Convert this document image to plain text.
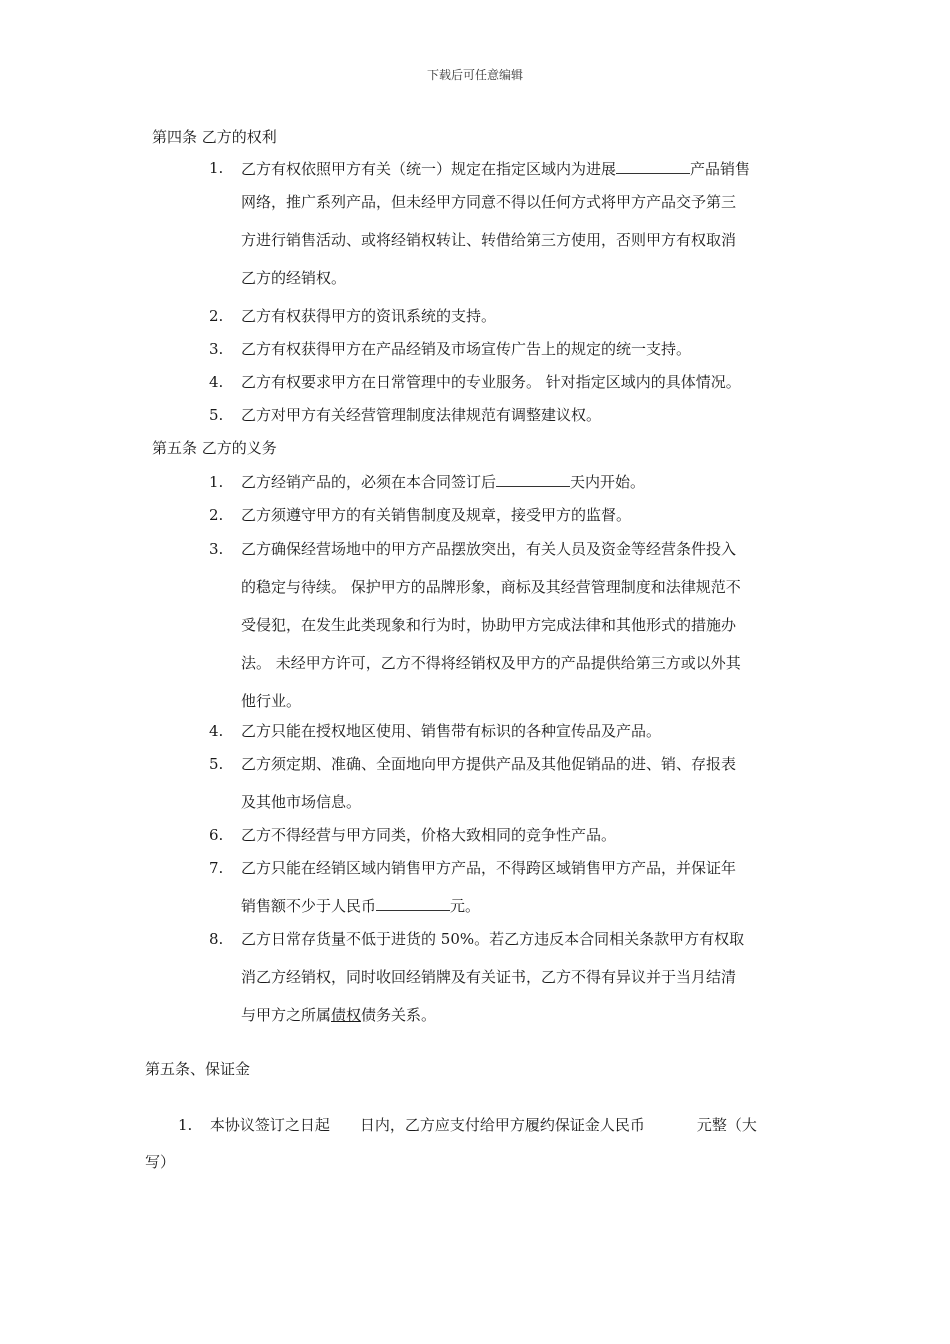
下载后可任意编辑
第四条 乙方的权利
1. 乙方有权依照甲方有关（统一）规定在指定区域内为进展	产品销售
网络，推广系列产品，但未经甲方同意不得以任何方式将甲方产品交予第三
方进行销售活动、或将经销权转让、转借给第三方使用，否则甲方有权取消
乙方的经销权。
2. 乙方有权获得甲方的资讯系统的支持。
3. 乙方有权获得甲方在产品经销及市场宣传广告上的规定的统一支持。
4. 乙方有权要求甲方在日常管理中的专业服务。 针对指定区域内的具体情况。
5. 乙方对甲方有关经营管理制度法律规范有调整建议权。
第五条 乙方的义务
1. 乙方经销产品的，必须在本合同签订后	天内开始。
2. 乙方须遵守甲方的有关销售制度及规章，接受甲方的监督。
3. 乙方确保经营场地中的甲方产品摆放突出，有关人员及资金等经营条件投入
的稳定与待续。 保护甲方的品牌形象，商标及其经营管理制度和法律规范不
受侵犯，在发生此类现象和行为时，协助甲方完成法律和其他形式的措施办
法。 未经甲方许可，乙方不得将经销权及甲方的产品提供给第三方或以外其
他行业。
4. 乙方只能在授权地区使用、销售带有标识的各种宣传品及产品。
5. 乙方须定期、准确、全面地向甲方提供产品及其他促销品的进、销、存报表
及其他市场信息。
6. 乙方不得经营与甲方同类，价格大致相同的竞争性产品。
7. 乙方只能在经销区域内销售甲方产品，不得跨区域销售甲方产品，并保证年
销售额不少于人民币	元。
8. 乙方日常存货量不低于进货的 50%。若乙方违反本合同相关条款甲方有权取
消乙方经销权，同时收回经销牌及有关证书，乙方不得有异议并于当月结清
与甲方之所属债权债务关系。
第五条、保证金
1. 本协议签订之日起 日内，乙方应支付给甲方履约保证金人民币	元整（大
写）
